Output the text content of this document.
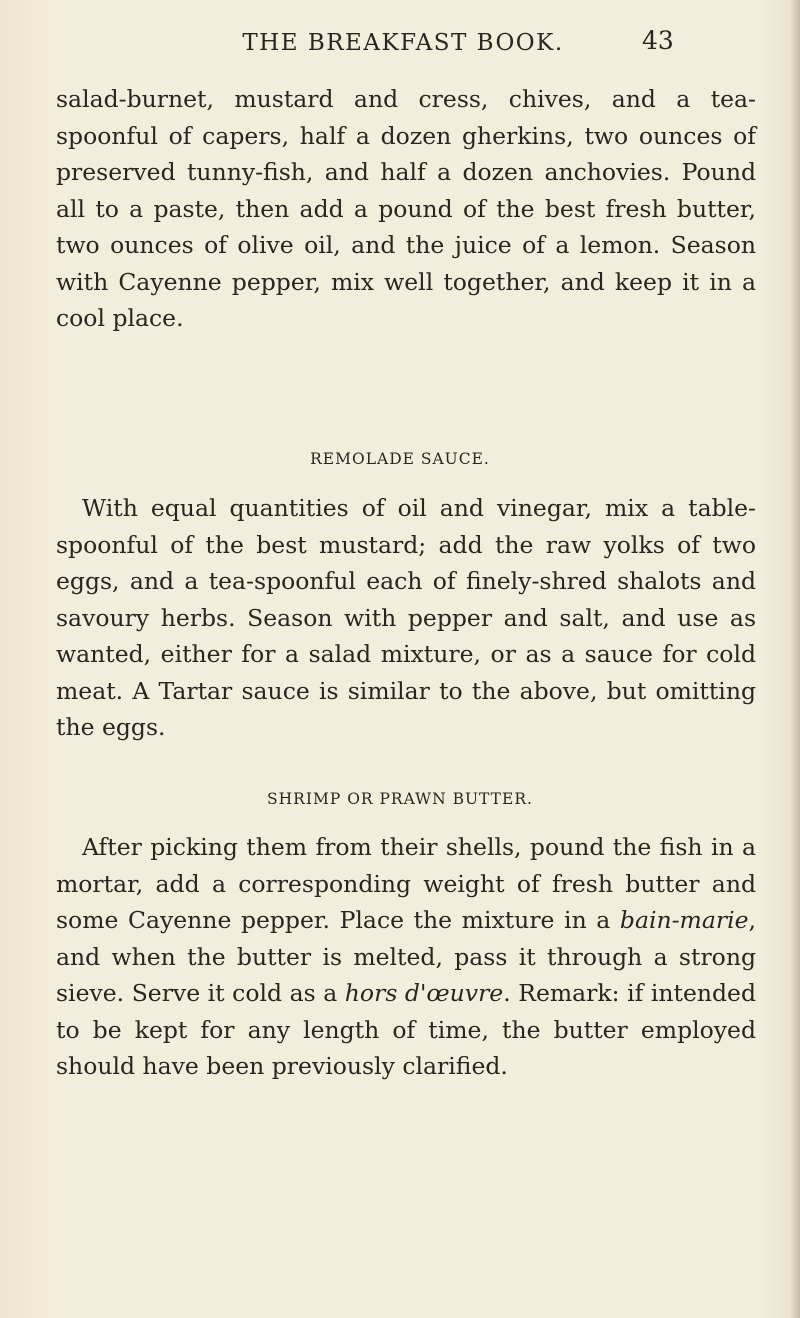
THE BREAKFAST BOOK.	43

salad-burnet, mustard and cress, chives, and a tea-spoonful of capers, half a dozen gherkins, two ounces of preserved tunny-fish, and half a dozen anchovies. Pound all to a paste, then add a pound of the best fresh butter, two ounces of olive oil, and the juice of a lemon. Season with Cayenne pepper, mix well together, and keep it in a cool place.

REMOLADE SAUCE.

With equal quantities of oil and vinegar, mix a table-spoonful of the best mustard; add the raw yolks of two eggs, and a tea-spoonful each of finely-shred shalots and savoury herbs. Season with pepper and salt, and use as wanted, either for a salad mixture, or as a sauce for cold meat. A Tartar sauce is similar to the above, but omitting the eggs.

SHRIMP OR PRAWN BUTTER.

After picking them from their shells, pound the fish in a mortar, add a corresponding weight of fresh butter and some Cayenne pepper. Place the mixture in a bain-marie, and when the butter is melted, pass it through a strong sieve. Serve it cold as a hors d'œuvre. Remark: if intended to be kept for any length of time, the butter employed should have been previously clarified.
